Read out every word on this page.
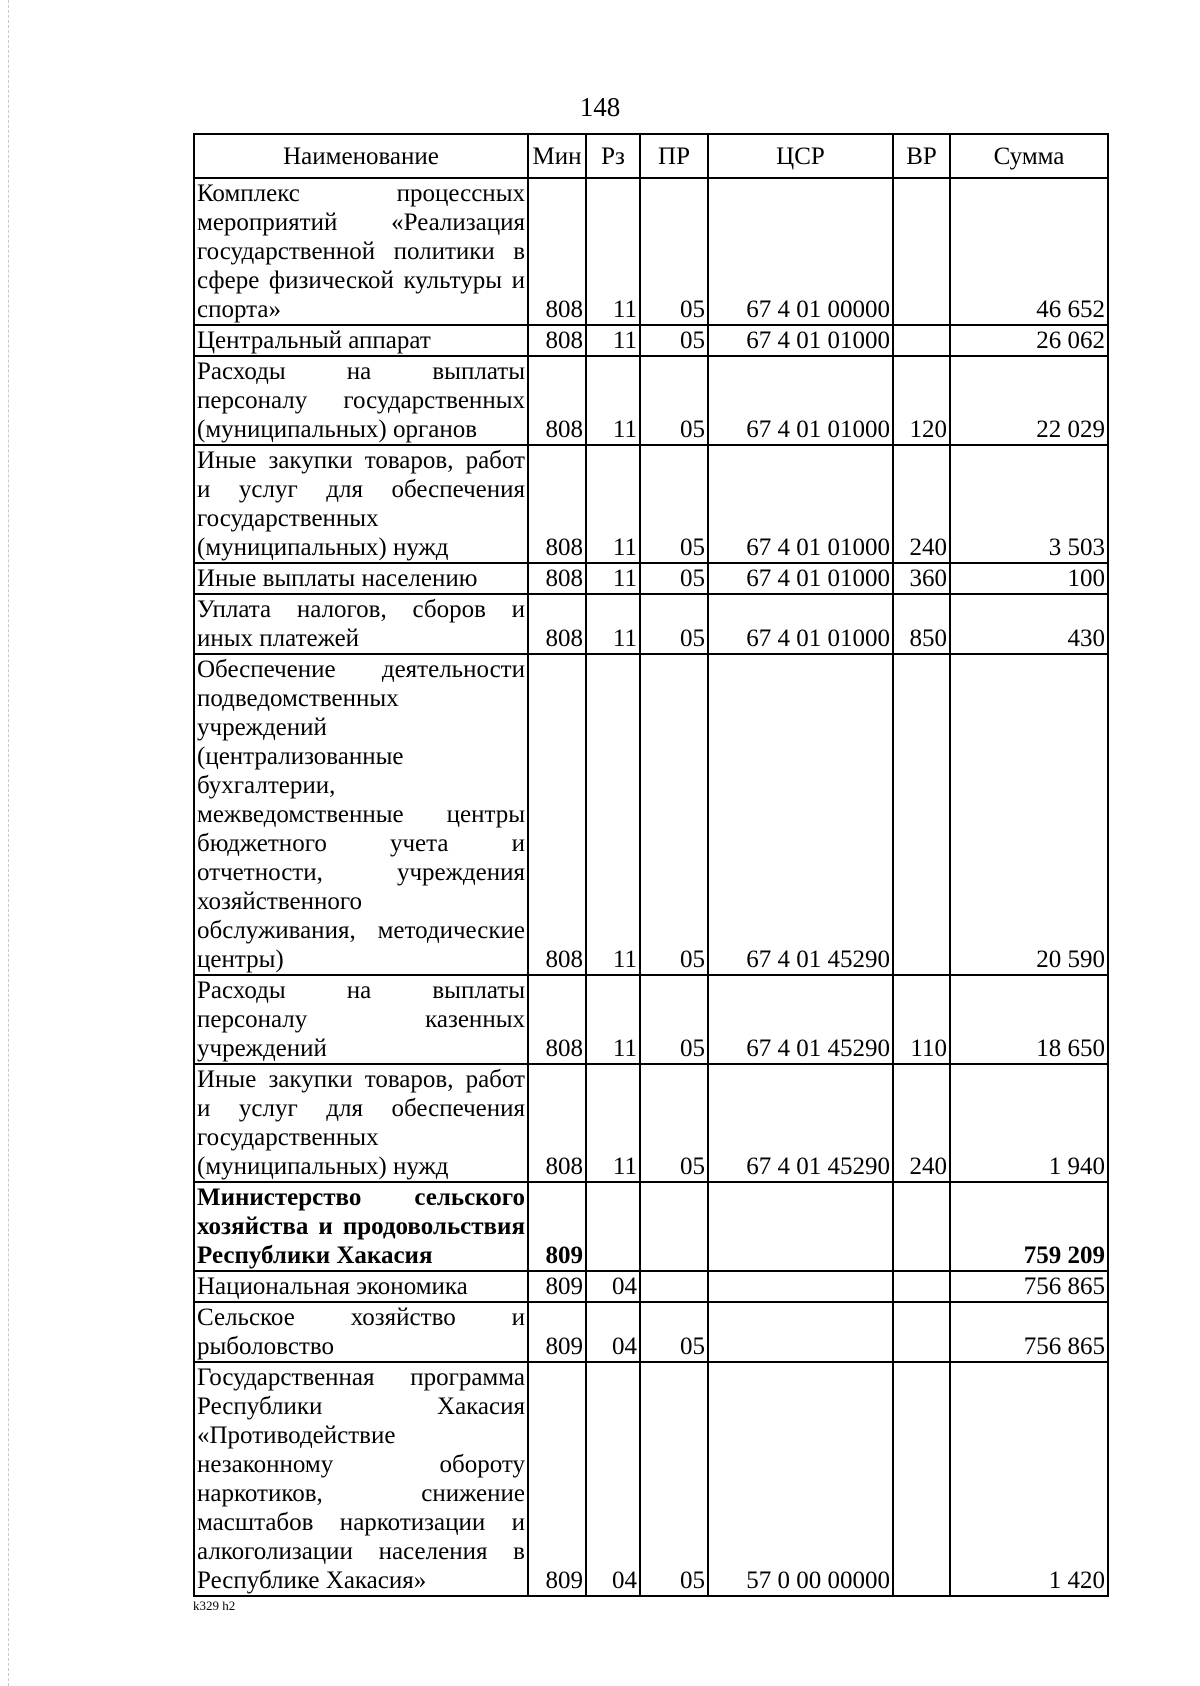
148
Наименование	Мин	Рз	ПР	ЦСР	ВР	Сумма
Комплекс процессных мероприятий «Реализация государственной политики в сфере физической культуры и спорта»	808	11	05	67 4 01 00000		46 652
Центральный аппарат	808	11	05	67 4 01 01000		26 062
Расходы на выплаты персоналу государственных (муниципальных) органов	808	11	05	67 4 01 01000	120	22 029
Иные закупки товаров, работ и услуг для обеспечения государственных (муниципальных) нужд	808	11	05	67 4 01 01000	240	3 503
Иные выплаты населению	808	11	05	67 4 01 01000	360	100
Уплата налогов, сборов и иных платежей	808	11	05	67 4 01 01000	850	430
Обеспечение деятельности подведомственных учреждений (централизованные бухгалтерии, межведомственные центры бюджетного учета и отчетности, учреждения хозяйственного обслуживания, методические центры)	808	11	05	67 4 01 45290		20 590
Расходы на выплаты персоналу казенных учреждений	808	11	05	67 4 01 45290	110	18 650
Иные закупки товаров, работ и услуг для обеспечения государственных (муниципальных) нужд	808	11	05	67 4 01 45290	240	1 940
Министерство сельского хозяйства и продовольствия Республики Хакасия	809					759 209
Национальная экономика	809	04				756 865
Сельское хозяйство и рыболовство	809	04	05			756 865
Государственная программа Республики Хакасия «Противодействие незаконному обороту наркотиков, снижение масштабов наркотизации и алкоголизации населения в Республике Хакасия»	809	04	05	57 0 00 00000		1 420
k329 h2
